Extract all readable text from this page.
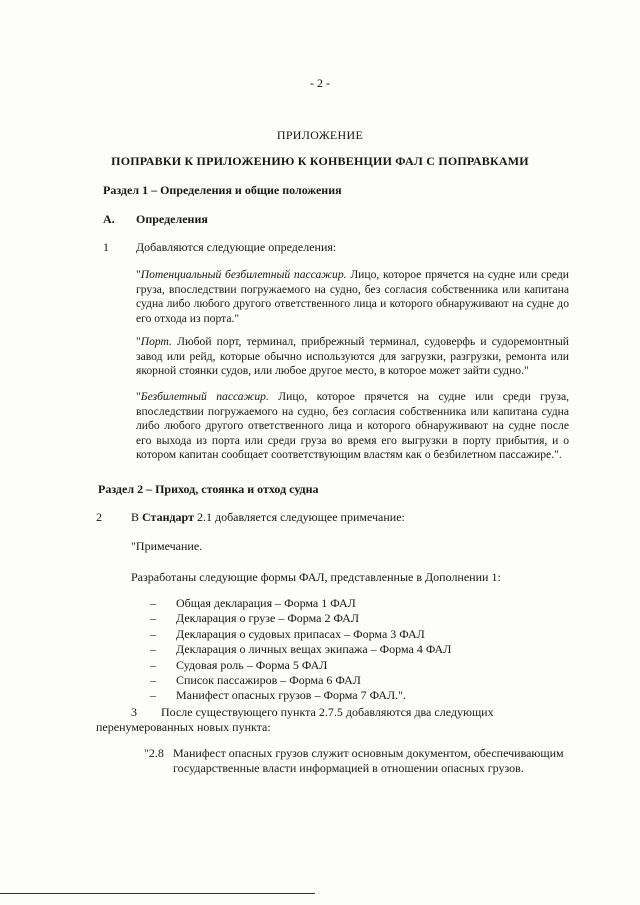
- 2 -

ПРИЛОЖЕНИЕ

ПОПРАВКИ К ПРИЛОЖЕНИЮ К КОНВЕНЦИИ ФАЛ С ПОПРАВКАМИ

Раздел 1 – Определения и общие положения

A. Определения

1 Добавляются следующие определения:

"Потенциальный безбилетный пассажир. Лицо, которое прячется на судне или среди груза, впоследствии погружаемого на судно, без согласия собственника или капитана судна либо любого другого ответственного лица и которого обнаруживают на судне до его отхода из порта."

"Порт. Любой порт, терминал, прибрежный терминал, судоверфь и судоремонтный завод или рейд, которые обычно используются для загрузки, разгрузки, ремонта или якорной стоянки судов, или любое другое место, в которое может зайти судно."

"Безбилетный пассажир. Лицо, которое прячется на судне или среди груза, впоследствии погружаемого на судно, без согласия собственника или капитана судна либо любого другого ответственного лица и которого обнаруживают на судне после его выхода из порта или среди груза во время его выгрузки в порту прибытия, и о котором капитан сообщает соответствующим властям как о безбилетном пассажире.".

Раздел 2 – Приход, стоянка и отход судна

2 В Стандарт 2.1 добавляется следующее примечание:

"Примечание.

Разработаны следующие формы ФАЛ, представленные в Дополнении 1:

– Общая декларация – Форма 1 ФАЛ
– Декларация о грузе – Форма 2 ФАЛ
– Декларация о судовых припасах – Форма 3 ФАЛ
– Декларация о личных вещах экипажа – Форма 4 ФАЛ
– Судовая роль – Форма 5 ФАЛ
– Список пассажиров – Форма 6 ФАЛ
– Манифест опасных грузов – Форма 7 ФАЛ.".

3   После существующего пункта 2.7.5 добавляются два следующих перенумерованных новых пункта:

"2.8 Манифест опасных грузов служит основным документом, обеспечивающим государственные власти информацией в отношении опасных грузов.
